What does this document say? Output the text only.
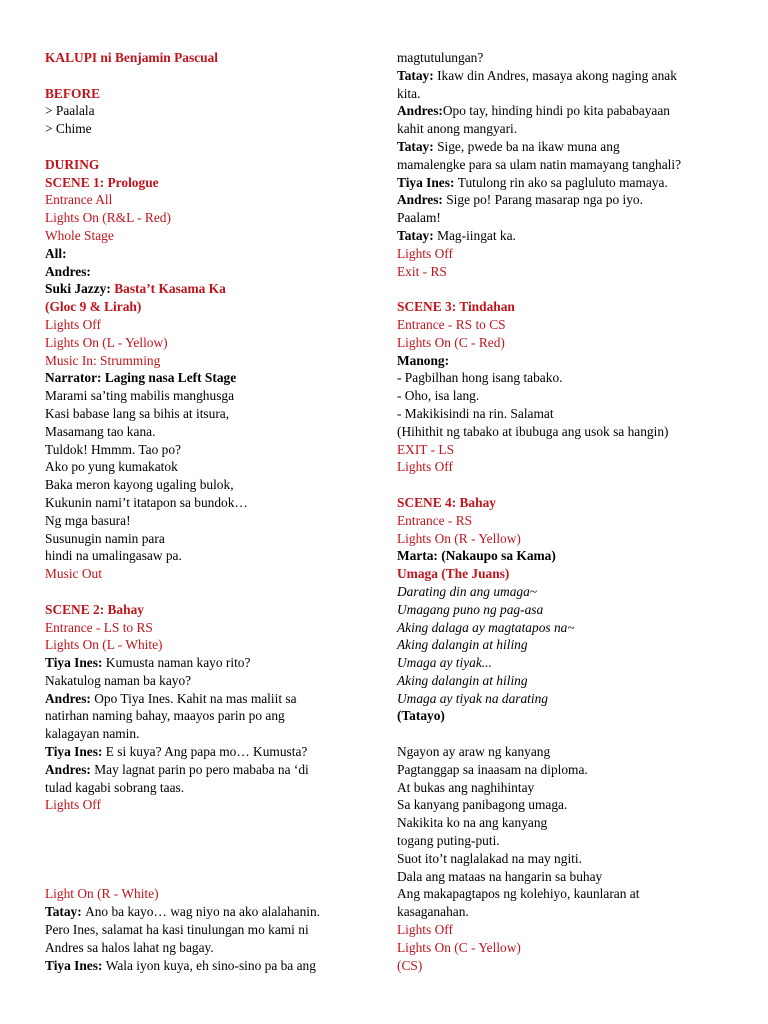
KALUPI ni Benjamin Pascual
BEFORE
> Paalala
> Chime
DURING
SCENE 1: Prologue
Entrance All
Lights On (R&L - Red)
Whole Stage
All:
Andres:
Suki Jazzy: Basta’t Kasama Ka
(Gloc 9 & Lirah)
Lights Off
Lights On (L - Yellow)
Music In: Strumming
Narrator: Laging nasa Left Stage
Marami sa’ting mabilis manghusga
Kasi babase lang sa bihis at itsura,
Masamang tao kana.
Tuldok! Hmmm. Tao po?
Ako po yung kumakatok
Baka meron kayong ugaling bulok,
Kukunin nami’t itatapon sa bundok…
Ng mga basura!
Susunugin namin para
hindi na umalingasaw pa.
Music Out
SCENE 2: Bahay
Entrance - LS to RS
Lights On (L - White)
Tiya Ines: Kumusta naman kayo rito?
Nakatulog naman ba kayo?
Andres: Opo Tiya Ines. Kahit na mas maliit sa
natirhan naming bahay, maayos parin po ang
kalagayan namin.
Tiya Ines: E si kuya? Ang papa mo… Kumusta?
Andres: May lagnat parin po pero mababa na ‘di
tulad kagabi sobrang taas.
Lights Off
Light On (R - White)
Tatay: Ano ba kayo… wag niyo na ako alalahanin.
Pero Ines, salamat ha kasi tinulungan mo kami ni
Andres sa halos lahat ng bagay.
Tiya Ines: Wala iyon kuya, eh sino-sino pa ba ang
magtutulungan?
Tatay: Ikaw din Andres, masaya akong naging anak
kita.
Andres:Opo tay, hinding hindi po kita pababayaan
kahit anong mangyari.
Tatay: Sige, pwede ba na ikaw muna ang
mamalengke para sa ulam natin mamayang tanghali?
Tiya Ines: Tutulong rin ako sa pagluluto mamaya.
Andres: Sige po! Parang masarap nga po iyo.
Paalam!
Tatay: Mag-iingat ka.
Lights Off
Exit - RS
SCENE 3: Tindahan
Entrance - RS to CS
Lights On (C - Red)
Manong:
- Pagbilhan hong isang tabako.
- Oho, isa lang.
- Makikisindi na rin. Salamat
(Hihithit ng tabako at ibubuga ang usok sa hangin)
EXIT - LS
Lights Off
SCENE 4: Bahay
Entrance - RS
Lights On (R - Yellow)
Marta: (Nakaupo sa Kama)
Umaga (The Juans)
Darating din ang umaga~
Umagang puno ng pag-asa
Aking dalaga ay magtatapos na~
Aking dalangin at hiling
Umaga ay tiyak...
Aking dalangin at hiling
Umaga ay tiyak na darating
(Tatayo)
Ngayon ay araw ng kanyang
Pagtanggap sa inaasam na diploma.
At bukas ang naghihintay
Sa kanyang panibagong umaga.
Nakikita ko na ang kanyang
togang puting-puti.
Suot ito’t naglalakad na may ngiti.
Dala ang mataas na hangarin sa buhay
Ang makapagtapos ng kolehiyo, kaunlaran at
kasaganahan.
Lights Off
Lights On (C - Yellow)
(CS)
